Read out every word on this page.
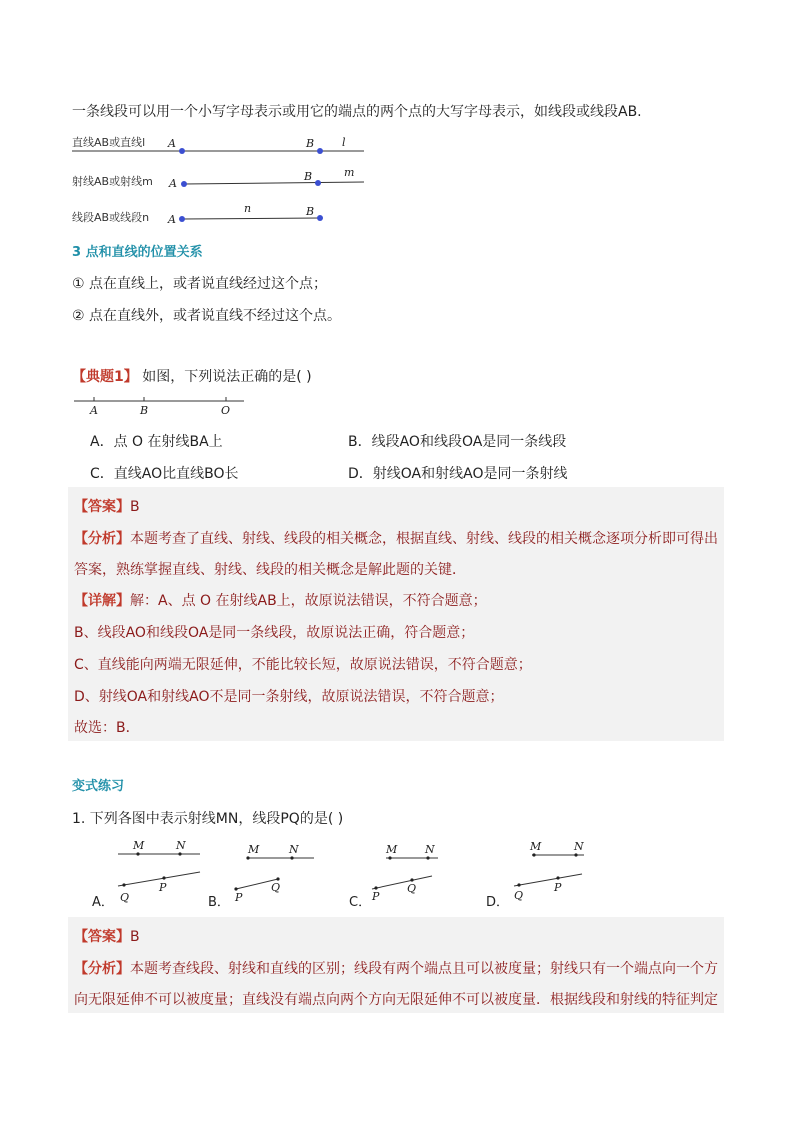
一条线段可以用一个小写字母表示或用它的端点的两个点的大写字母表示，如线段或线段AB.
直线AB或直线l A	B	l
射线AB或射线m A
B	m
线段AB或线段n A
B
n
3 点和直线的位置关系
① 点在直线上，或者说直线经过这个点；
② 点在直线外，或者说直线不经过这个点。
【典题1】 如图，下列说法正确的是( )
A	B	O
A．点 O 在射线BA上	B．线段AO和线段OA是同一条线段
C．直线AO比直线BO长	D．射线OA和射线AO是同一条射线
【答案】B
【分析】本题考查了直线、射线、线段的相关概念，根据直线、射线、线段的相关概念逐项分析即可得出
答案，熟练掌握直线、射线、线段的相关概念是解此题的关键．
【详解】解：A、点 O 在射线AB上，故原说法错误，不符合题意；
B、线段AO和线段OA是同一条线段，故原说法正确，符合题意；
C、直线能向两端无限延伸，不能比较长短，故原说法错误，不符合题意；
D、射线OA和射线AO不是同一条射线，故原说法错误，不符合题意；
故选：B．
变式练习
1. 下列各图中表示射线MN，线段PQ的是( )
A．
M	N
Q
P
B．
M	N
P
Q
C．
M	N
P
Q
D．
M	N
Q
P
【答案】B
【分析】本题考查线段、射线和直线的区别；线段有两个端点且可以被度量；射线只有一个端点向一个方
向无限延伸不可以被度量；直线没有端点向两个方向无限延伸不可以被度量．根据线段和射线的特征判定
